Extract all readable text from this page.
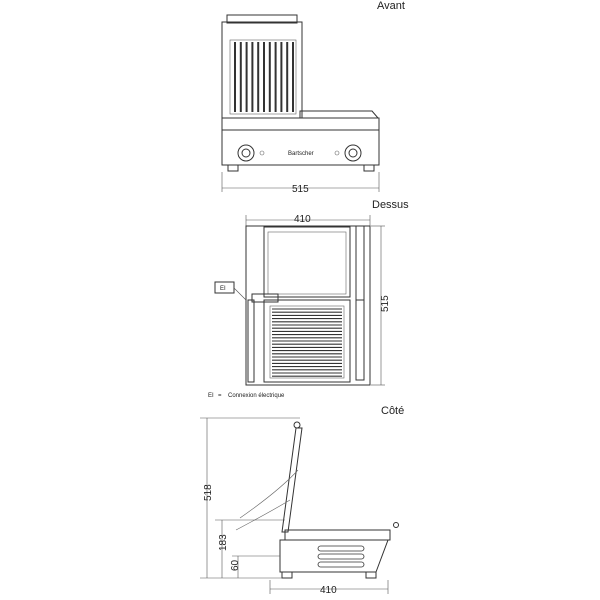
Avant
Dessus
Côté
Bartscher
515
410
515
EI
EI = Connexion électrique
518
183
60
410
